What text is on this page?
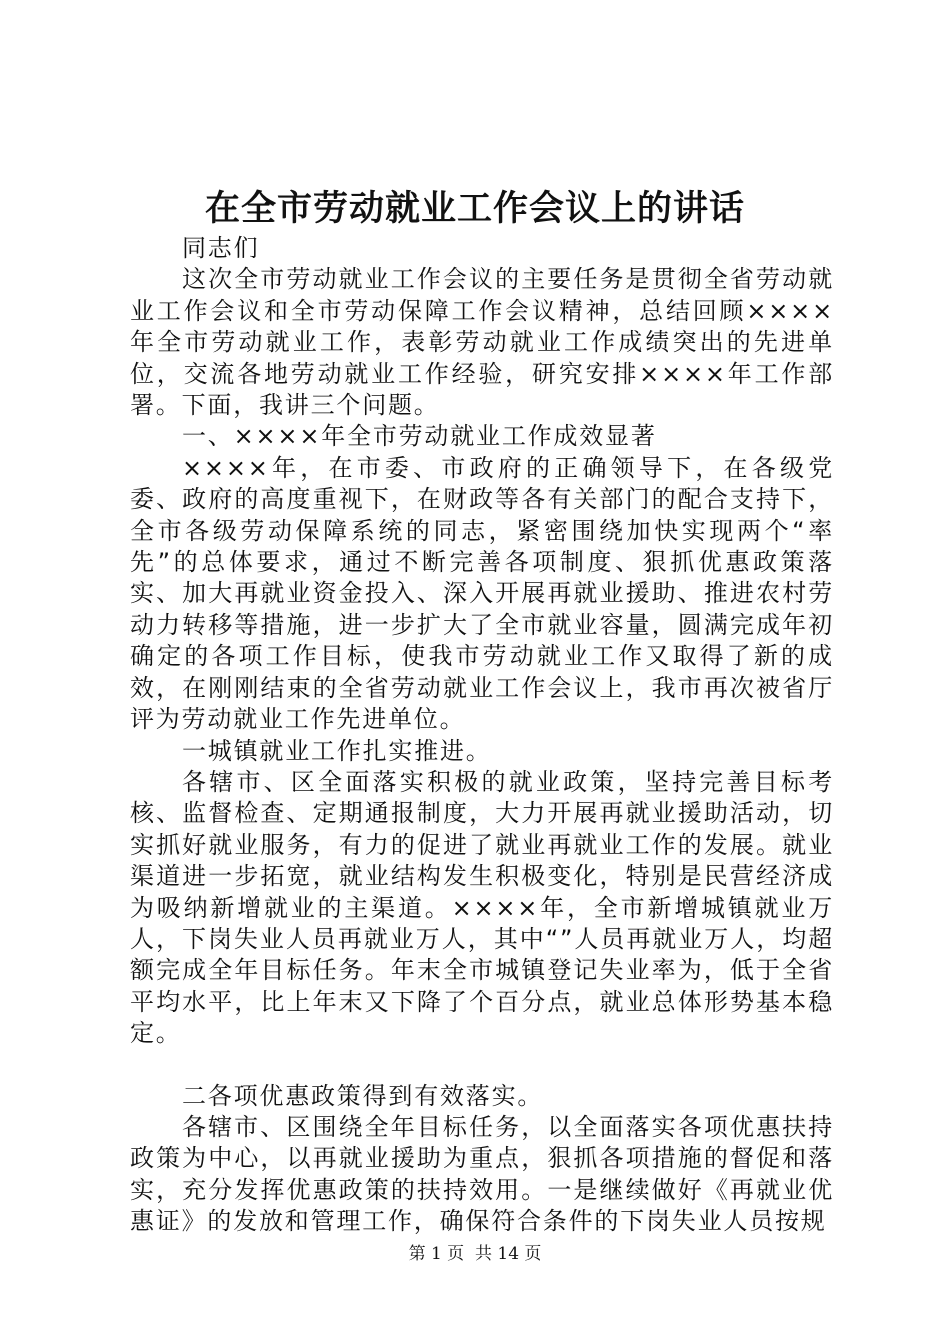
在全市劳动就业工作会议上的讲话

同志们

这次全市劳动就业工作会议的主要任务是贯彻全省劳动就业工作会议和全市劳动保障工作会议精神，总结回顾××××年全市劳动就业工作，表彰劳动就业工作成绩突出的先进单位，交流各地劳动就业工作经验，研究安排××××年工作部署。下面，我讲三个问题。

一、××××年全市劳动就业工作成效显著

××××年，在市委、市政府的正确领导下，在各级党委、政府的高度重视下，在财政等各有关部门的配合支持下，全市各级劳动保障系统的同志，紧密围绕加快实现两个“率先”的总体要求，通过不断完善各项制度、狠抓优惠政策落实、加大再就业资金投入、深入开展再就业援助、推进农村劳动力转移等措施，进一步扩大了全市就业容量，圆满完成年初确定的各项工作目标，使我市劳动就业工作又取得了新的成效，在刚刚结束的全省劳动就业工作会议上，我市再次被省厅评为劳动就业工作先进单位。

一城镇就业工作扎实推进。

各辖市、区全面落实积极的就业政策，坚持完善目标考核、监督检查、定期通报制度，大力开展再就业援助活动，切实抓好就业服务，有力的促进了就业再就业工作的发展。就业渠道进一步拓宽，就业结构发生积极变化，特别是民营经济成为吸纳新增就业的主渠道。××××年，全市新增城镇就业万人，下岗失业人员再就业万人，其中“”人员再就业万人，均超额完成全年目标任务。年末全市城镇登记失业率为，低于全省平均水平，比上年末又下降了个百分点，就业总体形势基本稳定。

二各项优惠政策得到有效落实。

各辖市、区围绕全年目标任务，以全面落实各项优惠扶持政策为中心，以再就业援助为重点，狠抓各项措施的督促和落实，充分发挥优惠政策的扶持效用。一是继续做好《再就业优惠证》的发放和管理工作，确保符合条件的下岗失业人员按规

第 1 页  共 14 页
